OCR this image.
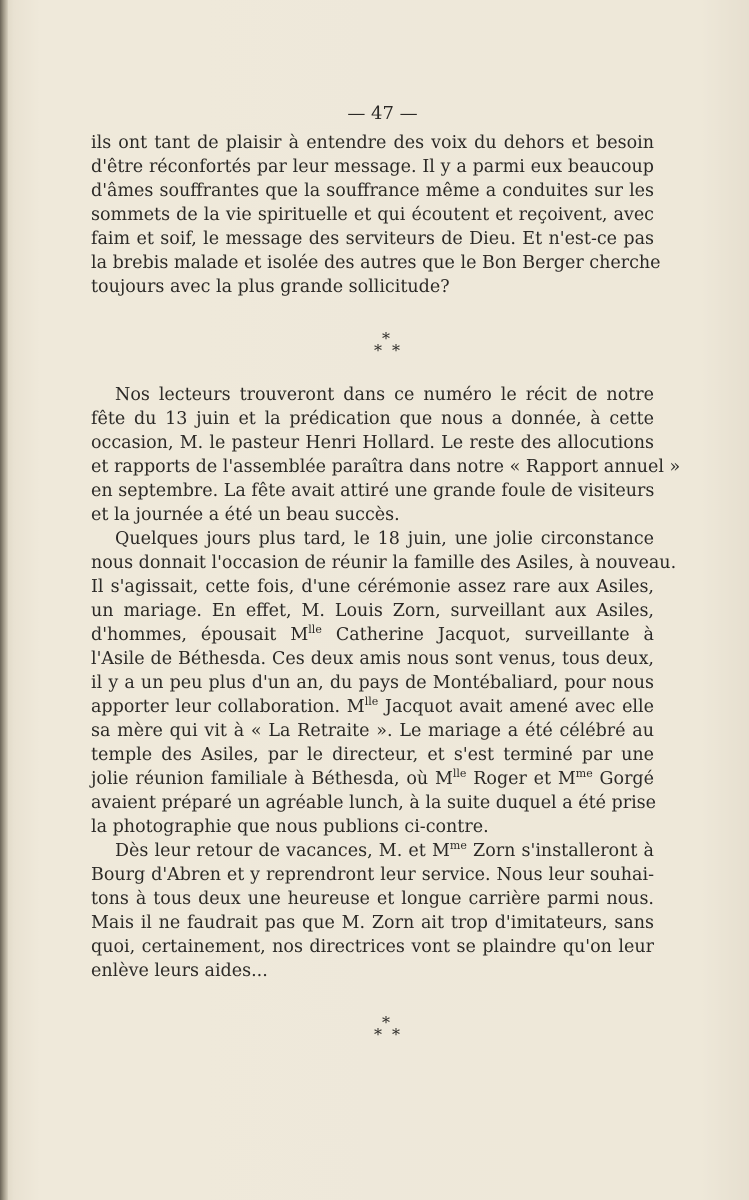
— 47 —
ils ont tant de plaisir à entendre des voix du dehors et besoin
d'être réconfortés par leur message. Il y a parmi eux beaucoup
d'âmes souffrantes que la souffrance même a conduites sur les
sommets de la vie spirituelle et qui écoutent et reçoivent, avec
faim et soif, le message des serviteurs de Dieu. Et n'est-ce pas
la brebis malade et isolée des autres que le Bon Berger cherche
toujours avec la plus grande sollicitude?
*
* *
Nos lecteurs trouveront dans ce numéro le récit de notre
fête du 13 juin et la prédication que nous a donnée, à cette
occasion, M. le pasteur Henri Hollard. Le reste des allocutions
et rapports de l'assemblée paraîtra dans notre « Rapport annuel »
en septembre. La fête avait attiré une grande foule de visiteurs
et la journée a été un beau succès.
Quelques jours plus tard, le 18 juin, une jolie circonstance
nous donnait l'occasion de réunir la famille des Asiles, à nouveau.
Il s'agissait, cette fois, d'une cérémonie assez rare aux Asiles,
un mariage. En effet, M. Louis Zorn, surveillant aux Asiles,
d'hommes, épousait $M^{lle}$ Catherine Jacquot, surveillante à
l'Asile de Béthesda. Ces deux amis nous sont venus, tous deux,
il y a un peu plus d'un an, du pays de Montébaliard, pour nous
apporter leur collaboration. $M^{lle}$ Jacquot avait amené avec elle
sa mère qui vit à « La Retraite ». Le mariage a été célébré au
temple des Asiles, par le directeur, et s'est terminé par une
jolie réunion familiale à Béthesda, où $M^{lle}$ Roger et $M^{me}$ Gorgé
avaient préparé un agréable lunch, à la suite duquel a été prise
la photographie que nous publions ci-contre.
Dès leur retour de vacances, M. et $M^{me}$ Zorn s'installeront à
Bourg d'Abren et y reprendront leur service. Nous leur souhai-
tons à tous deux une heureuse et longue carrière parmi nous.
Mais il ne faudrait pas que M. Zorn ait trop d'imitateurs, sans
quoi, certainement, nos directrices vont se plaindre qu'on leur
enlève leurs aides...
*
* *
